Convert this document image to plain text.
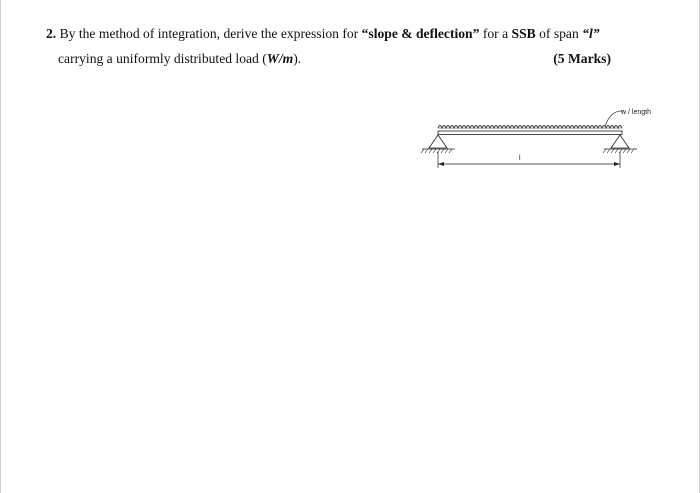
2. By the method of integration, derive the expression for “slope & deflection” for a SSB of span “l”
carrying a uniformly distributed load (W/m).	(5 Marks)
w / length
l
